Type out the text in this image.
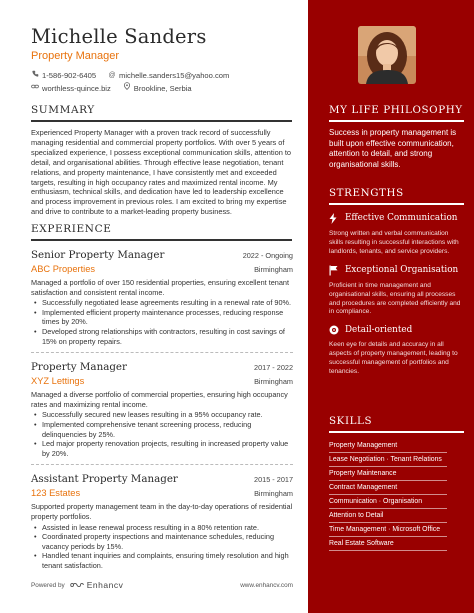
Michelle Sanders
Property Manager
1-586-902-6405 @ michelle.sanders15@yahoo.com
worthless-quince.biz	Brookline, Serbia
SUMMARY

Experienced Property Manager with a proven track record of successfully managing residential and commercial property portfolios. With over 5 years of specialized experience, I possess exceptional communication skills, attention to detail, and organisational abilities. Through effective lease negotiation, tenant relations, and property maintenance, I have consistently met and exceeded targets, resulting in high occupancy rates and maximized rental income. My enthusiasm, technical skills, and dedication have led to leadership excellence and process improvement in previous roles. I am excited to bring my expertise and drive to contribute to a market-leading property business.

EXPERIENCE
Senior Property Manager	2022 - Ongoing
ABC Properties	Birmingham
Managed a portfolio of over 150 residential properties, ensuring excellent tenant satisfaction and consistent rental income.
• Successfully negotiated lease agreements resulting in a renewal rate of 90%.
• Implemented efficient property maintenance processes, reducing response times by 20%.
• Developed strong relationships with contractors, resulting in cost savings of 15% on property repairs.
Property Manager	2017 - 2022
XYZ Lettings	Birmingham
Managed a diverse portfolio of commercial properties, ensuring high occupancy rates and maximizing rental income.
• Successfully secured new leases resulting in a 95% occupancy rate.
• Implemented comprehensive tenant screening process, reducing delinquencies by 25%.
• Led major property renovation projects, resulting in increased property value by 20%.
Assistant Property Manager	2015 - 2017
123 Estates	Birmingham
Supported property management team in the day-to-day operations of residential property portfolios.
• Assisted in lease renewal process resulting in a 80% retention rate.
• Coordinated property inspections and maintenance schedules, reducing vacancy periods by 15%.
• Handled tenant inquiries and complaints, ensuring timely resolution and high tenant satisfaction.
Powered by	Enhancv	www.enhancv.com
MY LIFE PHILOSOPHY
Success in property management is built upon effective communication, attention to detail, and strong organisational skills.
STRENGTHS
Effective Communication
Strong written and verbal communication skills resulting in successful interactions with landlords, tenants, and service providers.
Exceptional Organisation
Proficient in time management and organisational skills, ensuring all processes and procedures are completed efficiently and in compliance.
Detail-oriented
Keen eye for details and accuracy in all aspects of property management, leading to successful management of portfolios and tenancies.
SKILLS
Property Management
Lease Negotiation · Tenant Relations
Property Maintenance
Contract Management
Communication · Organisation
Attention to Detail
Time Management · Microsoft Office
Real Estate Software
